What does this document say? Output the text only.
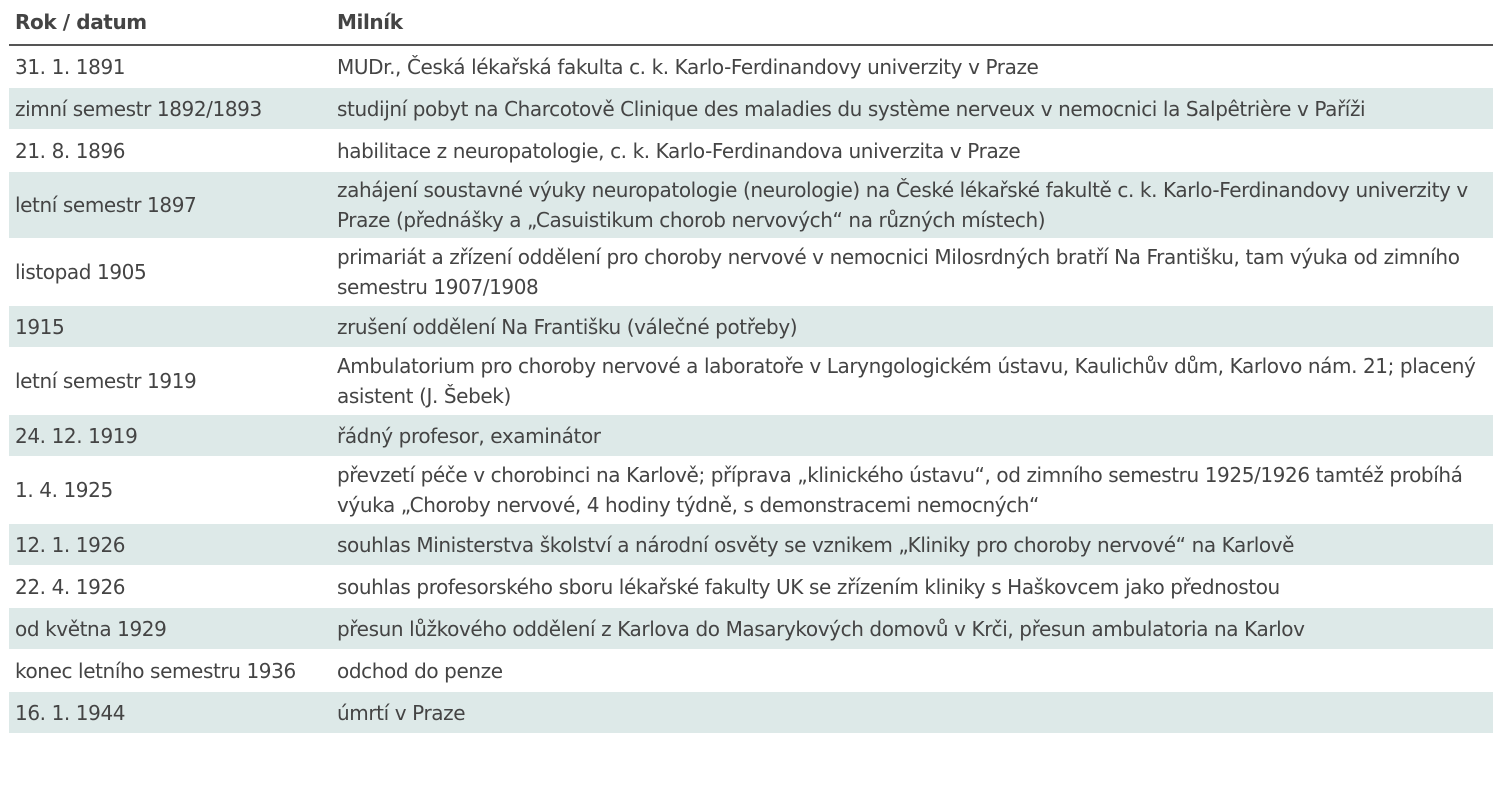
Rok / datum	Milník
31. 1. 1891	MUDr., Česká lékařská fakulta c. k. Karlo-Ferdinandovy univerzity v Praze
zimní semestr 1892/1893	studijní pobyt na Charcotově Clinique des maladies du système nerveux v nemocnici la Salpêtrière v Paříži
21. 8. 1896	habilitace z neuropatologie, c. k. Karlo-Ferdinandova univerzita v Praze
letní semestr 1897	zahájení soustavné výuky neuropatologie (neurologie) na České lékařské fakultě c. k. Karlo-Ferdinandovy univerzity v Praze (přednášky a „Casuistikum chorob nervových“ na různých místech)
listopad 1905	primariát a zřízení oddělení pro choroby nervové v nemocnici Milosrdných bratří Na Františku, tam výuka od zimního semestru 1907/1908
1915	zrušení oddělení Na Františku (válečné potřeby)
letní semestr 1919	Ambulatorium pro choroby nervové a laboratoře v Laryngologickém ústavu, Kaulichův dům, Karlovo nám. 21; placený asistent (J. Šebek)
24. 12. 1919	řádný profesor, examinátor
1. 4. 1925	převzetí péče v chorobinci na Karlově; příprava „klinického ústavu“, od zimního semestru 1925/1926 tamtéž probíhá výuka „Choroby nervové, 4 hodiny týdně, s demonstracemi nemocných“
12. 1. 1926	souhlas Ministerstva školství a národní osvěty se vznikem „Kliniky pro choroby nervové“ na Karlově
22. 4. 1926	souhlas profesorského sboru lékařské fakulty UK se zřízením kliniky s Haškovcem jako přednostou
od května 1929	přesun lůžkového oddělení z Karlova do Masarykových domovů v Krči, přesun ambulatoria na Karlov
konec letního semestru 1936	odchod do penze
16. 1. 1944	úmrtí v Praze
